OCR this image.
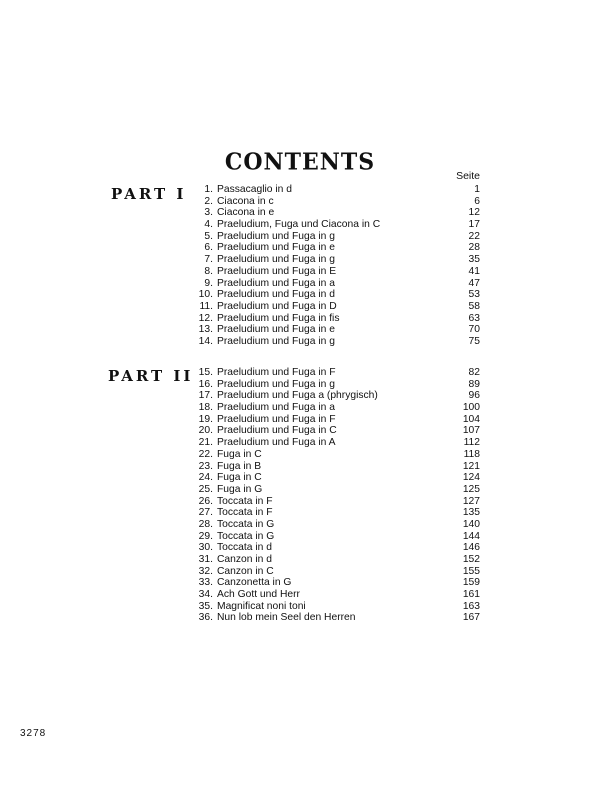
CONTENTS
Seite
PART I	1. Passacaglio in d	1
2. Ciacona in c	6
3. Ciacona in e	12
4. Praeludium, Fuga und Ciacona in C	17
5. Praeludium und Fuga in g	22
6. Praeludium und Fuga in e	28
7. Praeludium und Fuga in g	35
8. Praeludium und Fuga in E	41
9. Praeludium und Fuga in a	47
10. Praeludium und Fuga in d	53
11. Praeludium und Fuga in D	58
12. Praeludium und Fuga in fis	63
13. Praeludium und Fuga in e	70
14. Praeludium und Fuga in g	75
PART II 15. Praeludium und Fuga in F	82
16. Praeludium und Fuga in g	89
17. Praeludium und Fuga a (phrygisch)	96
18. Praeludium und Fuga in a	100
19. Praeludium und Fuga in F	104
20. Praeludium und Fuga in C	107
21. Praeludium und Fuga in A	112
22. Fuga in C	118
23. Fuga in B	121
24. Fuga in C	124
25. Fuga in G	125
26. Toccata in F	127
27. Toccata in F	135
28. Toccata in G	140
29. Toccata in G	144
30. Toccata in d	146
31. Canzon in d	152
32. Canzon in C	155
33. Canzonetta in G	159
34. Ach Gott und Herr	161
35. Magnificat noni toni	163
36. Nun lob mein Seel den Herren	167
3278
